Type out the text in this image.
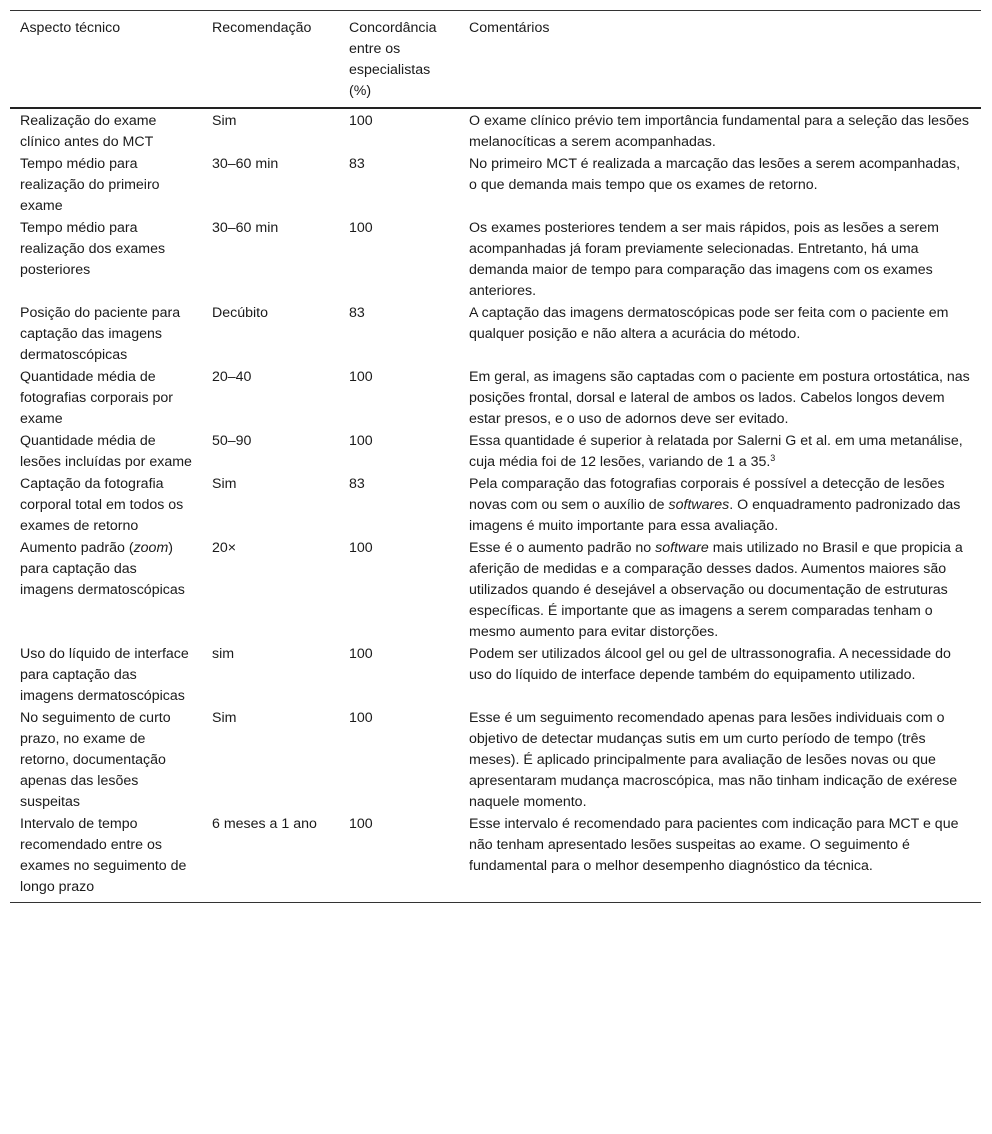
Aspecto técnico	Recomendação	Concordância entre os especialistas (%)	Comentários
Realização do exame clínico antes do MCT	Sim	100	O exame clínico prévio tem importância fundamental para a seleção das lesões melanocíticas a serem acompanhadas.
Tempo médio para realização do primeiro exame	30–60 min	83	No primeiro MCT é realizada a marcação das lesões a serem acompanhadas, o que demanda mais tempo que os exames de retorno.
Tempo médio para realização dos exames posteriores	30–60 min	100	Os exames posteriores tendem a ser mais rápidos, pois as lesões a serem acompanhadas já foram previamente selecionadas. Entretanto, há uma demanda maior de tempo para comparação das imagens com os exames anteriores.
Posição do paciente para captação das imagens dermatoscópicas	Decúbito	83	A captação das imagens dermatoscópicas pode ser feita com o paciente em qualquer posição e não altera a acurácia do método.
Quantidade média de fotografias corporais por exame	20–40	100	Em geral, as imagens são captadas com o paciente em postura ortostática, nas posições frontal, dorsal e lateral de ambos os lados. Cabelos longos devem estar presos, e o uso de adornos deve ser evitado.
Quantidade média de lesões incluídas por exame	50–90	100	Essa quantidade é superior à relatada por Salerni G et al. em uma metanálise, cuja média foi de 12 lesões, variando de 1 a 35.$^3$
Captação da fotografia corporal total em todos os exames de retorno	Sim	83	Pela comparação das fotografias corporais é possível a detecção de lesões novas com ou sem o auxílio de softwares. O enquadramento padronizado das imagens é muito importante para essa avaliação.
Aumento padrão (zoom) para captação das imagens dermatoscópicas	20×	100	Esse é o aumento padrão no software mais utilizado no Brasil e que propicia a aferição de medidas e a comparação desses dados. Aumentos maiores são utilizados quando é desejável a observação ou documentação de estruturas específicas. É importante que as imagens a serem comparadas tenham o mesmo aumento para evitar distorções.
Uso do líquido de interface para captação das imagens dermatoscópicas	sim	100	Podem ser utilizados álcool gel ou gel de ultrassonografia. A necessidade do uso do líquido de interface depende também do equipamento utilizado.
No seguimento de curto prazo, no exame de retorno, documentação apenas das lesões suspeitas	Sim	100	Esse é um seguimento recomendado apenas para lesões individuais com o objetivo de detectar mudanças sutis em um curto período de tempo (três meses). É aplicado principalmente para avaliação de lesões novas ou que apresentaram mudança macroscópica, mas não tinham indicação de exérese naquele momento.
Intervalo de tempo recomendado entre os exames no seguimento de longo prazo	6 meses a 1 ano	100	Esse intervalo é recomendado para pacientes com indicação para MCT e que não tenham apresentado lesões suspeitas ao exame. O seguimento é fundamental para o melhor desempenho diagnóstico da técnica.
